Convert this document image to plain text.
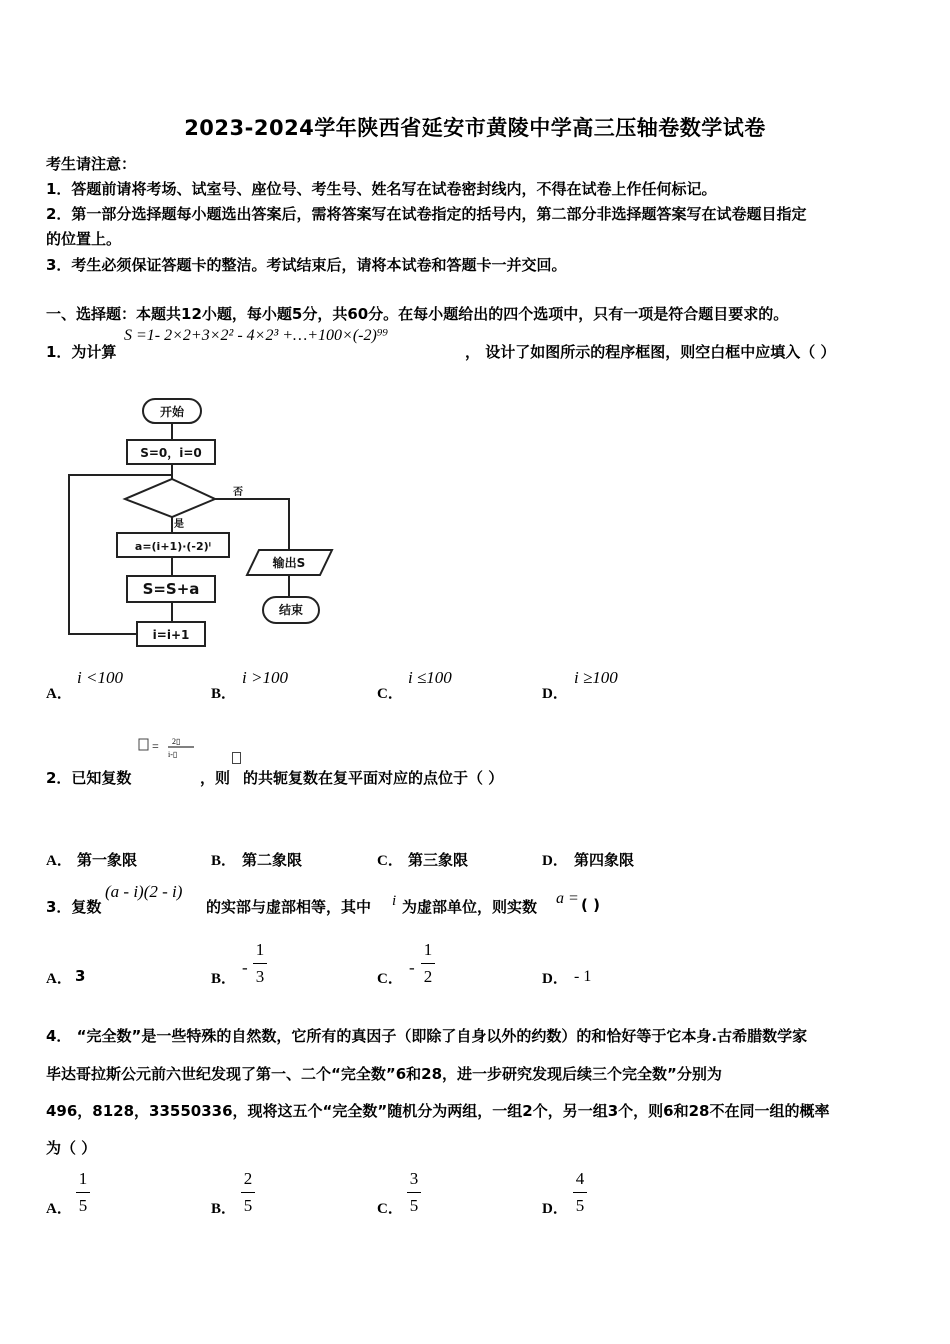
2023-2024学年陕西省延安市黄陵中学高三压轴卷数学试卷
考生请注意：
1．答题前请将考场、试室号、座位号、考生号、姓名写在试卷密封线内，不得在试卷上作任何标记。
2．第一部分选择题每小题选出答案后，需将答案写在试卷指定的括号内，第二部分非选择题答案写在试卷题目指定
的位置上。
3．考生必须保证答题卡的整洁。考试结束后，请将本试卷和答题卡一并交回。
一、选择题：本题共12小题，每小题5分，共60分。在每小题给出的四个选项中，只有一项是符合题目要求的。
1．为计算
S =1- 2×2+3×2² - 4×2³ +…+100×(-2)⁹⁹
， 设计了如图所示的程序框图，则空白框中应填入（ ）
开始
S=0，i=0
是
否
a=(i+1)·(-2)ⁱ
S=S+a
i=i+1
输出S
结束
A．
i <100
B．
i >100
C．
i ≤100
D．
i ≥100
= 2▯
i-▯
2．已知复数	，则 的共轭复数在复平面对应的点位于（ ）
A． 第一象限	B． 第二象限	C． 第三象限	D． 第四象限
3．复数
(a - i)(2 - i)
的实部与虚部相等，其中 i 为虚部单位，则实数 a = ( )
A． 3	B．
-
1
3	C．
-
1
2	D． - 1
4． “完全数”是一些特殊的自然数，它所有的真因子（即除了自身以外的约数）的和恰好等于它本身.古希腊数学家
毕达哥拉斯公元前六世纪发现了第一、二个“完全数”6和28，进一步研究发现后续三个完全数”分别为
496，8128，33550336，现将这五个“完全数”随机分为两组，一组2个，另一组3个，则6和28不在同一组的概率
为（ ）
A．
1
5	B．
2
5	C．
3
5	D．
4
5
